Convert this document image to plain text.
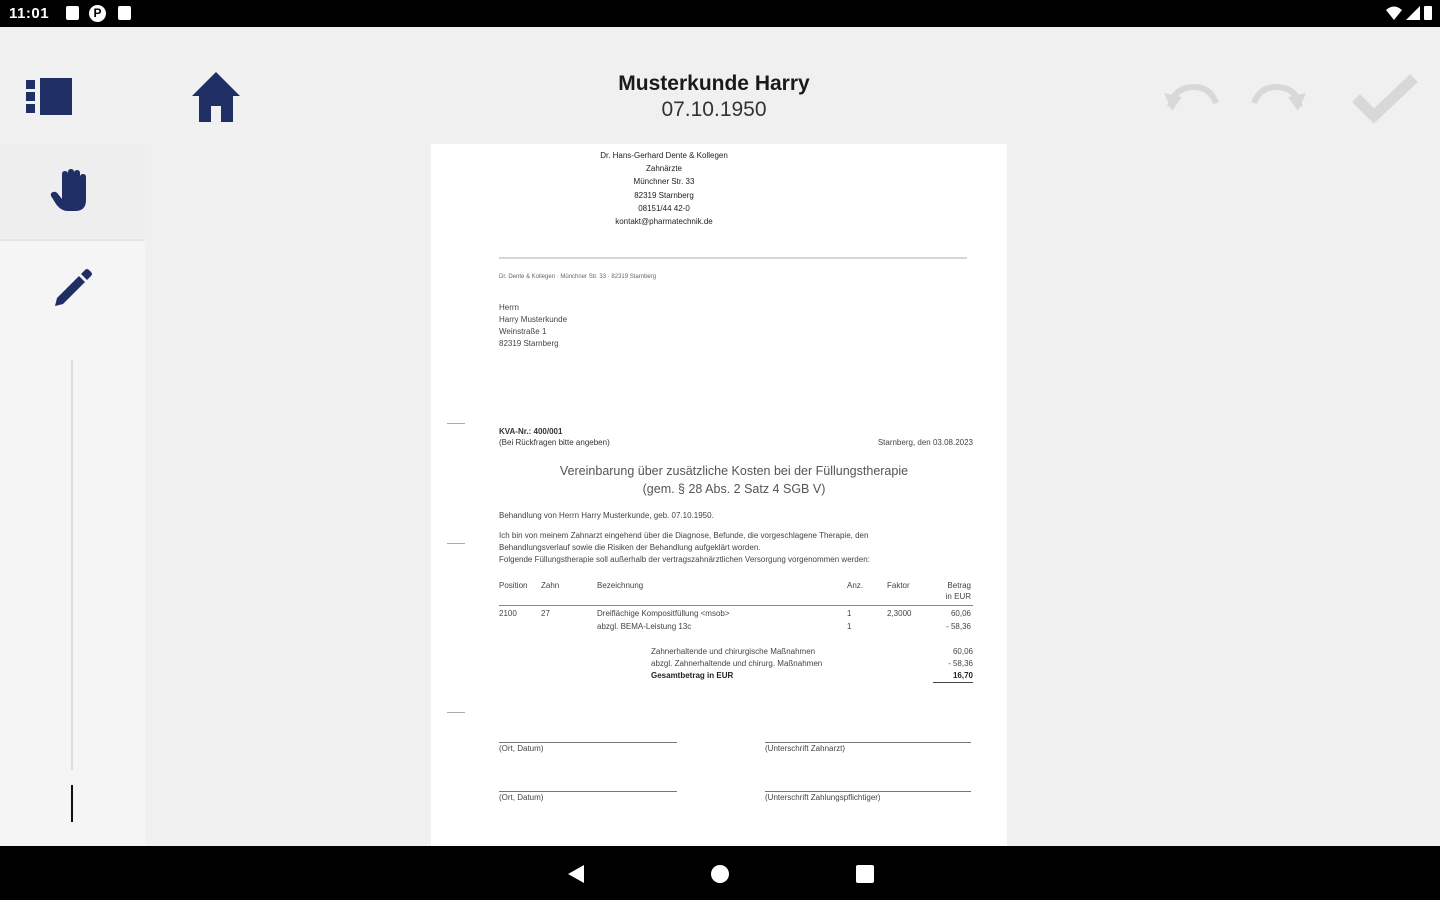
11:01	P
Musterkunde Harry
07.10.1950
Dr. Hans-Gerhard Dente & Kollegen
Zahnärzte
Münchner Str. 33
82319 Starnberg
08151/44 42-0
kontakt@pharmatechnik.de
Dr. Dente & Kollegen · Münchner Str. 33 · 82319 Starnberg
Herrn
Harry Musterkunde
Weinstraße 1
82319 Starnberg
KVA-Nr.: 400/001
(Bei Rückfragen bitte angeben)	Starnberg, den 03.08.2023
Vereinbarung über zusätzliche Kosten bei der Füllungstherapie
(gem. § 28 Abs. 2 Satz 4 SGB V)
Behandlung von Herrn Harry Musterkunde, geb. 07.10.1950.
Ich bin von meinem Zahnarzt eingehend über die Diagnose, Befunde, die vorgeschlagene Therapie, den
Behandlungsverlauf sowie die Risiken der Behandlung aufgeklärt worden.
Folgende Füllungstherapie soll außerhalb der vertragszahnärztlichen Versorgung vorgenommen werden:
Position	Zahn	Bezeichnung	Anz.	Faktor	Betrag
in EUR
2100	27	Dreiflächige Kompositfüllung <msob>	1	2,3000	60,06
		abzgl. BEMA-Leistung 13c	1		- 58,36
Zahnerhaltende und chirurgische Maßnahmen	60,06
abzgl. Zahnerhaltende und chirurg. Maßnahmen	- 58,36
Gesamtbetrag in EUR	16,70
(Ort, Datum)	(Unterschrift Zahnarzt)
(Ort, Datum)	(Unterschrift Zahlungspflichtiger)
